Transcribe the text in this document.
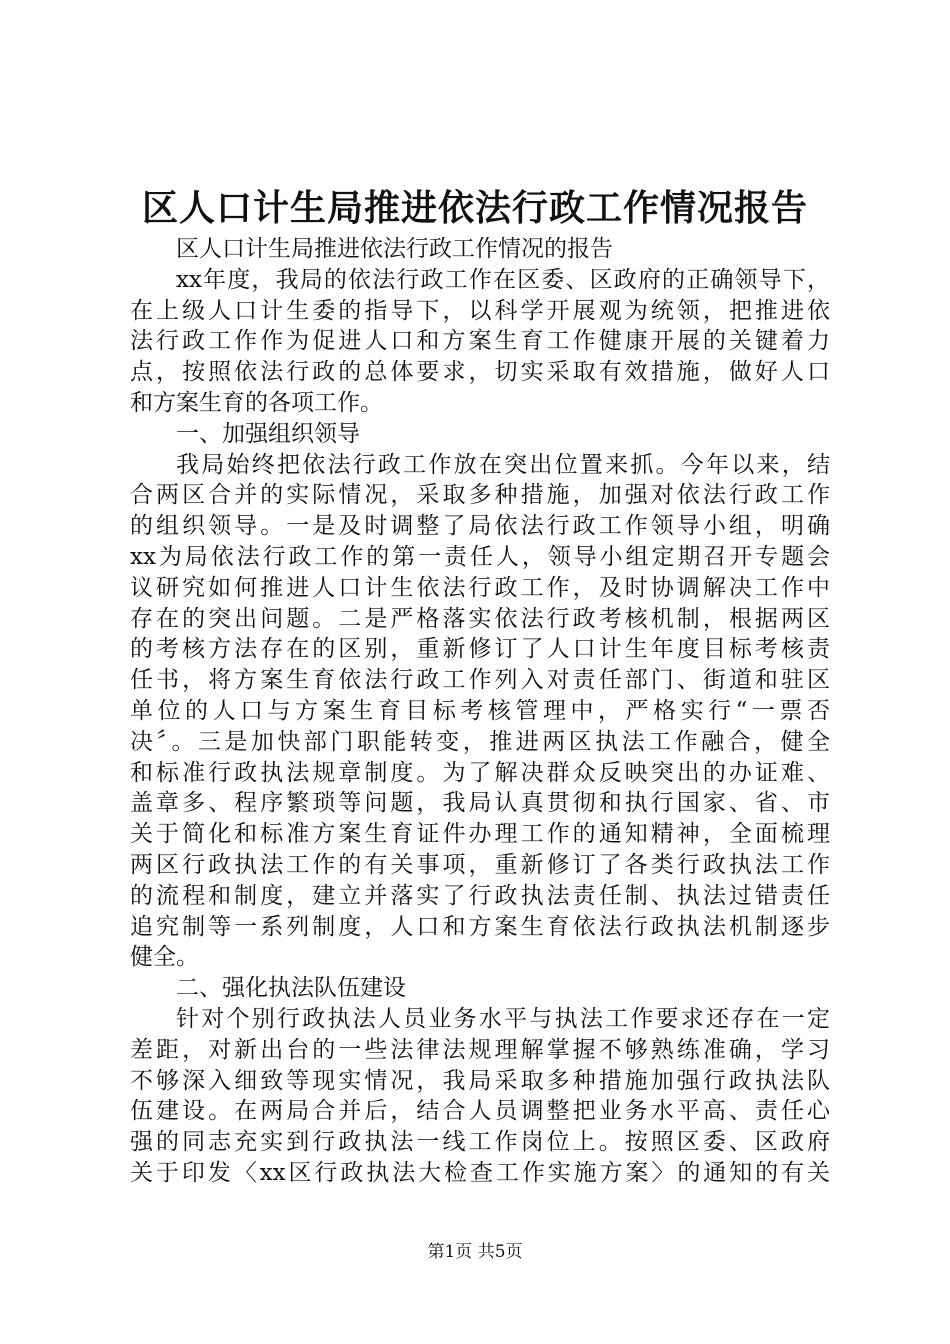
区人口计生局推进依法行政工作情况报告
区人口计生局推进依法行政工作情况的报告
xx年度，我局的依法行政工作在区委、区政府的正确领导下，
在上级人口计生委的指导下，以科学开展观为统领，把推进依
法行政工作作为促进人口和方案生育工作健康开展的关键着力
点，按照依法行政的总体要求，切实采取有效措施，做好人口
和方案生育的各项工作。
一、加强组织领导
我局始终把依法行政工作放在突出位置来抓。今年以来，结
合两区合并的实际情况，采取多种措施，加强对依法行政工作
的组织领导。一是及时调整了局依法行政工作领导小组，明确
xx为局依法行政工作的第一责任人，领导小组定期召开专题会
议研究如何推进人口计生依法行政工作，及时协调解决工作中
存在的突出问题。二是严格落实依法行政考核机制，根据两区
的考核方法存在的区别，重新修订了人口计生年度目标考核责
任书，将方案生育依法行政工作列入对责任部门、街道和驻区
单位的人口与方案生育目标考核管理中，严格实行“一票否
决〞。三是加快部门职能转变，推进两区执法工作融合，健全
和标准行政执法规章制度。为了解决群众反映突出的办证难、
盖章多、程序繁琐等问题，我局认真贯彻和执行国家、省、市
关于简化和标准方案生育证件办理工作的通知精神，全面梳理
两区行政执法工作的有关事项，重新修订了各类行政执法工作
的流程和制度，建立并落实了行政执法责任制、执法过错责任
追究制等一系列制度，人口和方案生育依法行政执法机制逐步
健全。
二、强化执法队伍建设
针对个别行政执法人员业务水平与执法工作要求还存在一定
差距，对新出台的一些法律法规理解掌握不够熟练准确，学习
不够深入细致等现实情况，我局采取多种措施加强行政执法队
伍建设。在两局合并后，结合人员调整把业务水平高、责任心
强的同志充实到行政执法一线工作岗位上。按照区委、区政府
关于印发〈xx区行政执法大检查工作实施方案〉的通知的有关
第1页 共5页
